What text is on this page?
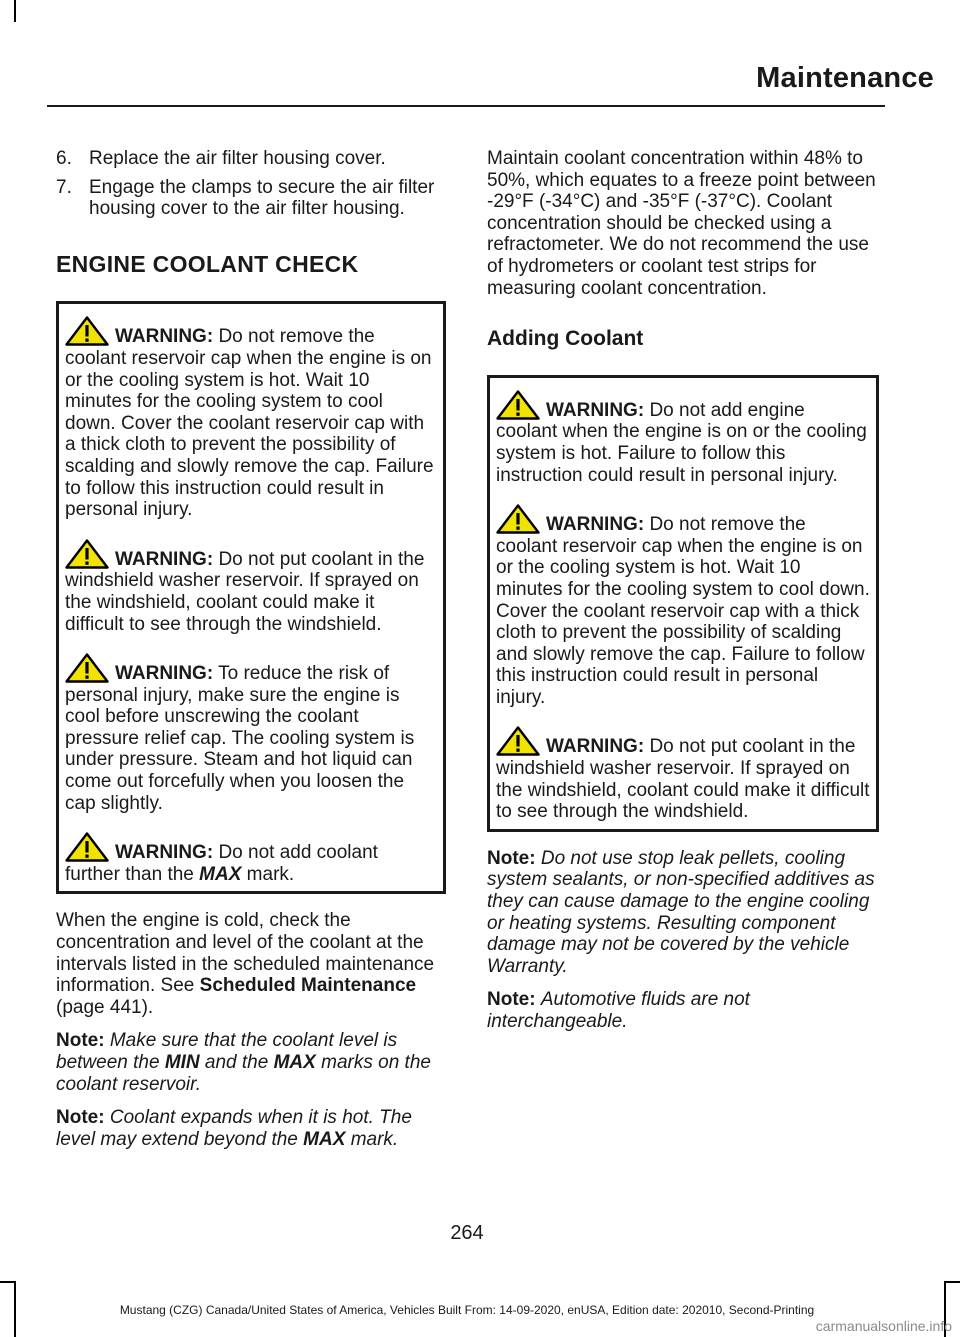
Maintenance
6. Replace the air filter housing cover.
7. Engage the clamps to secure the air filter housing cover to the air filter housing.
ENGINE COOLANT CHECK
WARNING: Do not remove the coolant reservoir cap when the engine is on or the cooling system is hot. Wait 10 minutes for the cooling system to cool down. Cover the coolant reservoir cap with a thick cloth to prevent the possibility of scalding and slowly remove the cap. Failure to follow this instruction could result in personal injury.
WARNING: Do not put coolant in the windshield washer reservoir. If sprayed on the windshield, coolant could make it difficult to see through the windshield.
WARNING: To reduce the risk of personal injury, make sure the engine is cool before unscrewing the coolant pressure relief cap. The cooling system is under pressure. Steam and hot liquid can come out forcefully when you loosen the cap slightly.
WARNING: Do not add coolant further than the MAX mark.

When the engine is cold, check the concentration and level of the coolant at the intervals listed in the scheduled maintenance information. See Scheduled Maintenance (page 441).

Note: Make sure that the coolant level is between the MIN and the MAX marks on the coolant reservoir.

Note: Coolant expands when it is hot. The level may extend beyond the MAX mark.

Maintain coolant concentration within 48% to 50%, which equates to a freeze point between -29°F (-34°C) and -35°F (-37°C). Coolant concentration should be checked using a refractometer. We do not recommend the use of hydrometers or coolant test strips for measuring coolant concentration.

Adding Coolant
WARNING: Do not add engine coolant when the engine is on or the cooling system is hot. Failure to follow this instruction could result in personal injury.
WARNING: Do not remove the coolant reservoir cap when the engine is on or the cooling system is hot. Wait 10 minutes for the cooling system to cool down. Cover the coolant reservoir cap with a thick cloth to prevent the possibility of scalding and slowly remove the cap. Failure to follow this instruction could result in personal injury.
WARNING: Do not put coolant in the windshield washer reservoir. If sprayed on the windshield, coolant could make it difficult to see through the windshield.

Note: Do not use stop leak pellets, cooling system sealants, or non-specified additives as they can cause damage to the engine cooling or heating systems. Resulting component damage may not be covered by the vehicle Warranty.

Note: Automotive fluids are not interchangeable.

264
Mustang (CZG) Canada/United States of America, Vehicles Built From: 14-09-2020, enUSA, Edition date: 202010, Second-Printing
carmanualsonline.info
